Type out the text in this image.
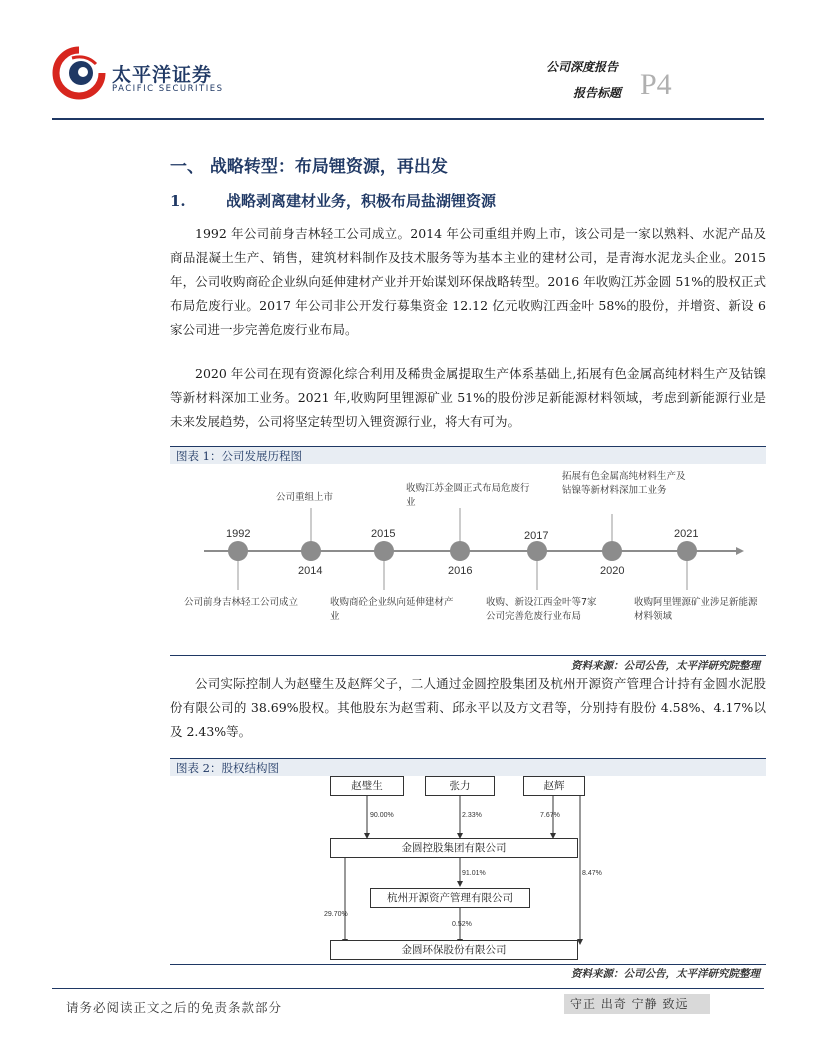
太平洋证券
PACIFIC SECURITIES
公司深度报告
报告标题 P4
一、 战略转型：布局锂资源，再出发
1.	战略剥离建材业务，积极布局盐湖锂资源
1992 年公司前身吉林轻工公司成立。2014 年公司重组并购上市，该公司是一家以熟料、水泥产品及商品混凝土生产、销售，建筑材料制作及技术服务等为基本主业的建材公司，是青海水泥龙头企业。2015 年，公司收购商砼企业纵向延伸建材产业并开始谋划环保战略转型。2016 年收购江苏金圆 51%的股权正式布局危废行业。2017 年公司非公开发行募集资金 12.12 亿元收购江西金叶 58%的股份，并增资、新设 6 家公司进一步完善危废行业布局。
2020 年公司在现有资源化综合利用及稀贵金属提取生产体系基础上,拓展有色金属高纯材料生产及钴镍等新材料深加工业务。2021 年,收购阿里锂源矿业 51%的股份涉足新能源材料领域，考虑到新能源行业是未来发展趋势，公司将坚定转型切入锂资源行业，将大有可为。
图表 1：公司发展历程图
1992
2014
2015
2016
2017
2020
2021
公司重组上市
收购江苏金圆正式布局危废行业
拓展有色金属高纯材料生产及钴镍等新材料深加工业务
公司前身吉林轻工公司成立	收购商砼企业纵向延伸建材产业
收购、新设江西金叶等7家公司完善危废行业布局
收购阿里锂源矿业涉足新能源材料领域
资料来源：公司公告，太平洋研究院整理
公司实际控制人为赵璧生及赵辉父子，二人通过金圆控股集团及杭州开源资产管理合计持有金圆水泥股份有限公司的 38.69%股权。其他股东为赵雪莉、邱永平以及方文君等，分别持有股份 4.58%、4.17%以及 2.43%等。
图表 2：股权结构图
赵璧生	张力	赵辉
金圆控股集团有限公司
杭州开源资产管理有限公司
金圆环保股份有限公司
90.00%	2.33%	7.67%
91.01%
0.52%
29.70%
8.47%
资料来源：公司公告，太平洋研究院整理
请务必阅读正文之后的免责条款部分	守正 出奇 宁静 致远
